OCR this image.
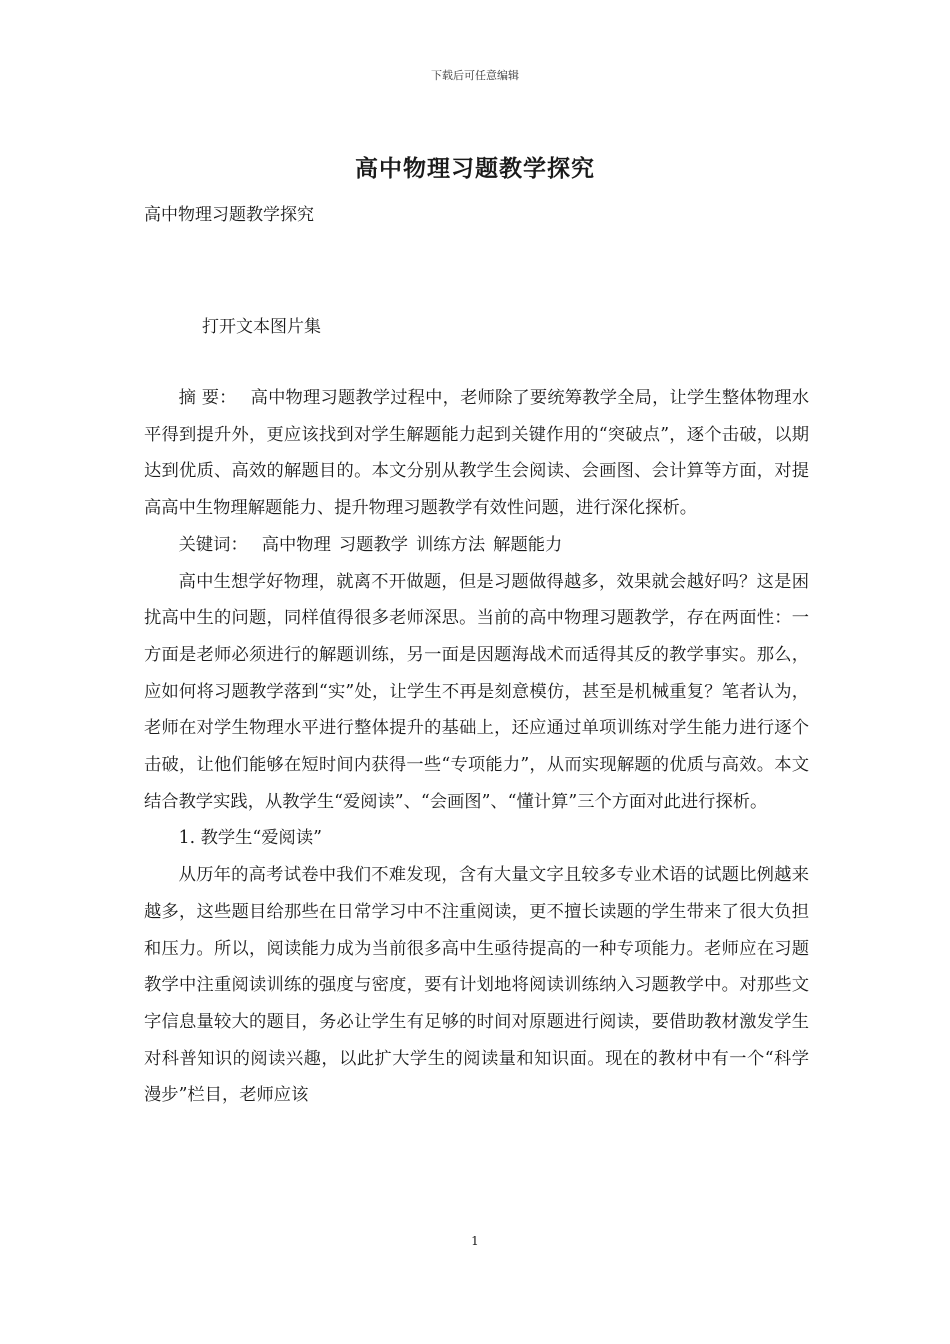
下载后可任意编辑
高中物理习题教学探究
高中物理习题教学探究
打开文本图片集

摘 要： 高中物理习题教学过程中，老师除了要统筹教学全局，让学生整体物理水平得到提升外，更应该找到对学生解题能力起到关键作用的“突破点”，逐个击破，以期达到优质、高效的解题目的。本文分别从教学生会阅读、会画图、会计算等方面，对提高高中生物理解题能力、提升物理习题教学有效性问题，进行深化探析。

关键词： 高中物理 习题教学 训练方法 解题能力

高中生想学好物理，就离不开做题，但是习题做得越多，效果就会越好吗？这是困扰高中生的问题，同样值得很多老师深思。当前的高中物理习题教学，存在两面性：一方面是老师必须进行的解题训练，另一面是因题海战术而适得其反的教学事实。那么，应如何将习题教学落到“实”处，让学生不再是刻意模仿，甚至是机械重复？笔者认为，老师在对学生物理水平进行整体提升的基础上，还应通过单项训练对学生能力进行逐个击破，让他们能够在短时间内获得一些“专项能力”，从而实现解题的优质与高效。本文结合教学实践，从教学生“爱阅读”、“会画图”、“懂计算”三个方面对此进行探析。

1. 教学生“爱阅读”

从历年的高考试卷中我们不难发现，含有大量文字且较多专业术语的试题比例越来越多，这些题目给那些在日常学习中不注重阅读，更不擅长读题的学生带来了很大负担和压力。所以，阅读能力成为当前很多高中生亟待提高的一种专项能力。老师应在习题教学中注重阅读训练的强度与密度，要有计划地将阅读训练纳入习题教学中。对那些文字信息量较大的题目，务必让学生有足够的时间对原题进行阅读，要借助教材激发学生对科普知识的阅读兴趣，以此扩大学生的阅读量和知识面。现在的教材中有一个“科学漫步”栏目，老师应该

1
